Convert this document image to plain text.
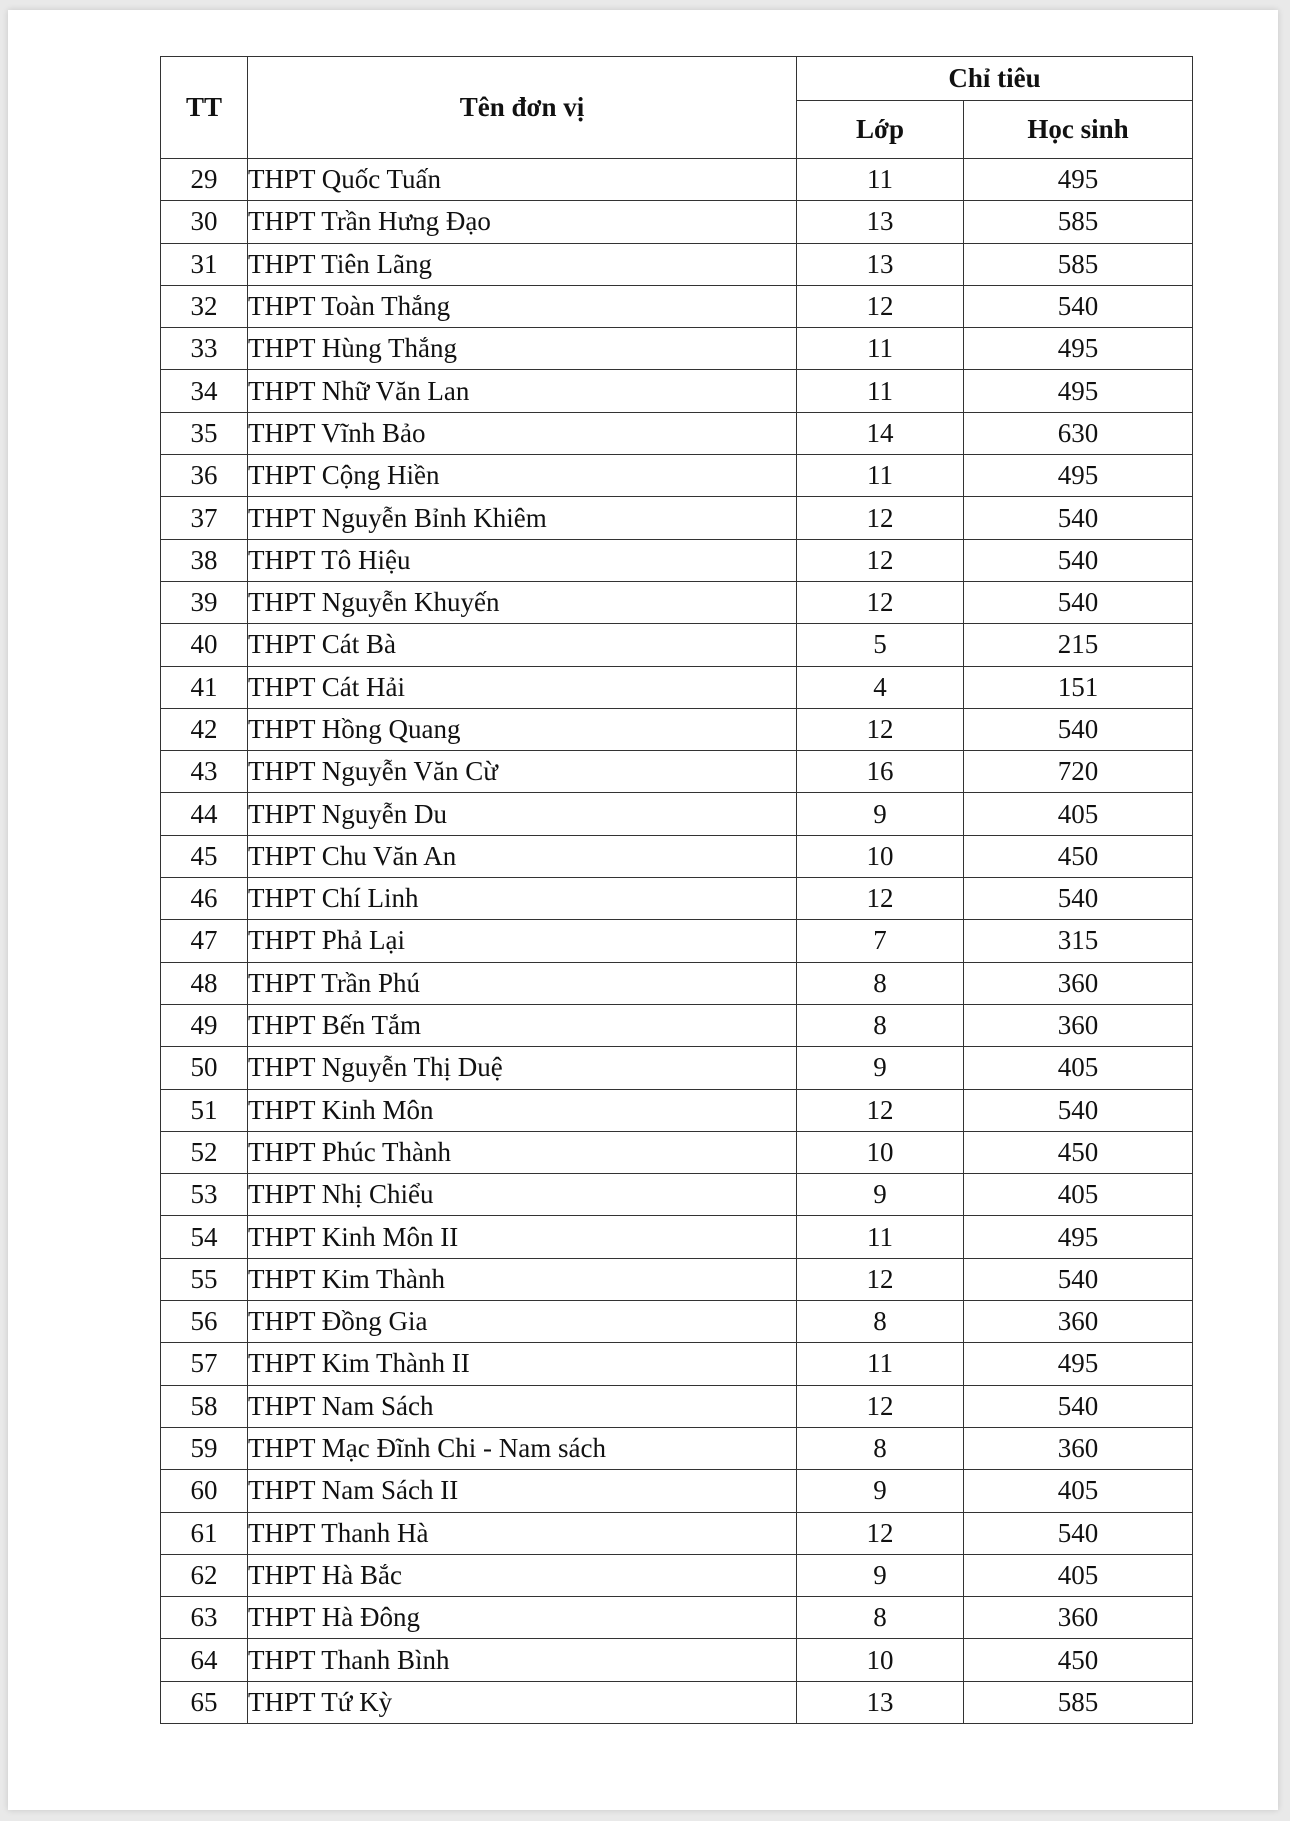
TT	Tên đơn vị	Chỉ tiêu	
		Lớp	Học sinh
29	THPT Quốc Tuấn	11	495
30	THPT Trần Hưng Đạo	13	585
31	THPT Tiên Lãng	13	585
32	THPT Toàn Thắng	12	540
33	THPT Hùng Thắng	11	495
34	THPT Nhữ Văn Lan	11	495
35	THPT Vĩnh Bảo	14	630
36	THPT Cộng Hiền	11	495
37	THPT Nguyễn Bỉnh Khiêm	12	540
38	THPT Tô Hiệu	12	540
39	THPT Nguyễn Khuyến	12	540
40	THPT Cát Bà	5	215
41	THPT Cát Hải	4	151
42	THPT Hồng Quang	12	540
43	THPT Nguyễn Văn Cừ	16	720
44	THPT Nguyễn Du	9	405
45	THPT Chu Văn An	10	450
46	THPT Chí Linh	12	540
47	THPT Phả Lại	7	315
48	THPT Trần Phú	8	360
49	THPT Bến Tắm	8	360
50	THPT Nguyễn Thị Duệ	9	405
51	THPT Kinh Môn	12	540
52	THPT Phúc Thành	10	450
53	THPT Nhị Chiểu	9	405
54	THPT Kinh Môn II	11	495
55	THPT Kim Thành	12	540
56	THPT Đồng Gia	8	360
57	THPT Kim Thành II	11	495
58	THPT Nam Sách	12	540
59	THPT Mạc Đĩnh Chi - Nam sách	8	360
60	THPT Nam Sách II	9	405
61	THPT Thanh Hà	12	540
62	THPT Hà Bắc	9	405
63	THPT Hà Đông	8	360
64	THPT Thanh Bình	10	450
65	THPT Tứ Kỳ	13	585
